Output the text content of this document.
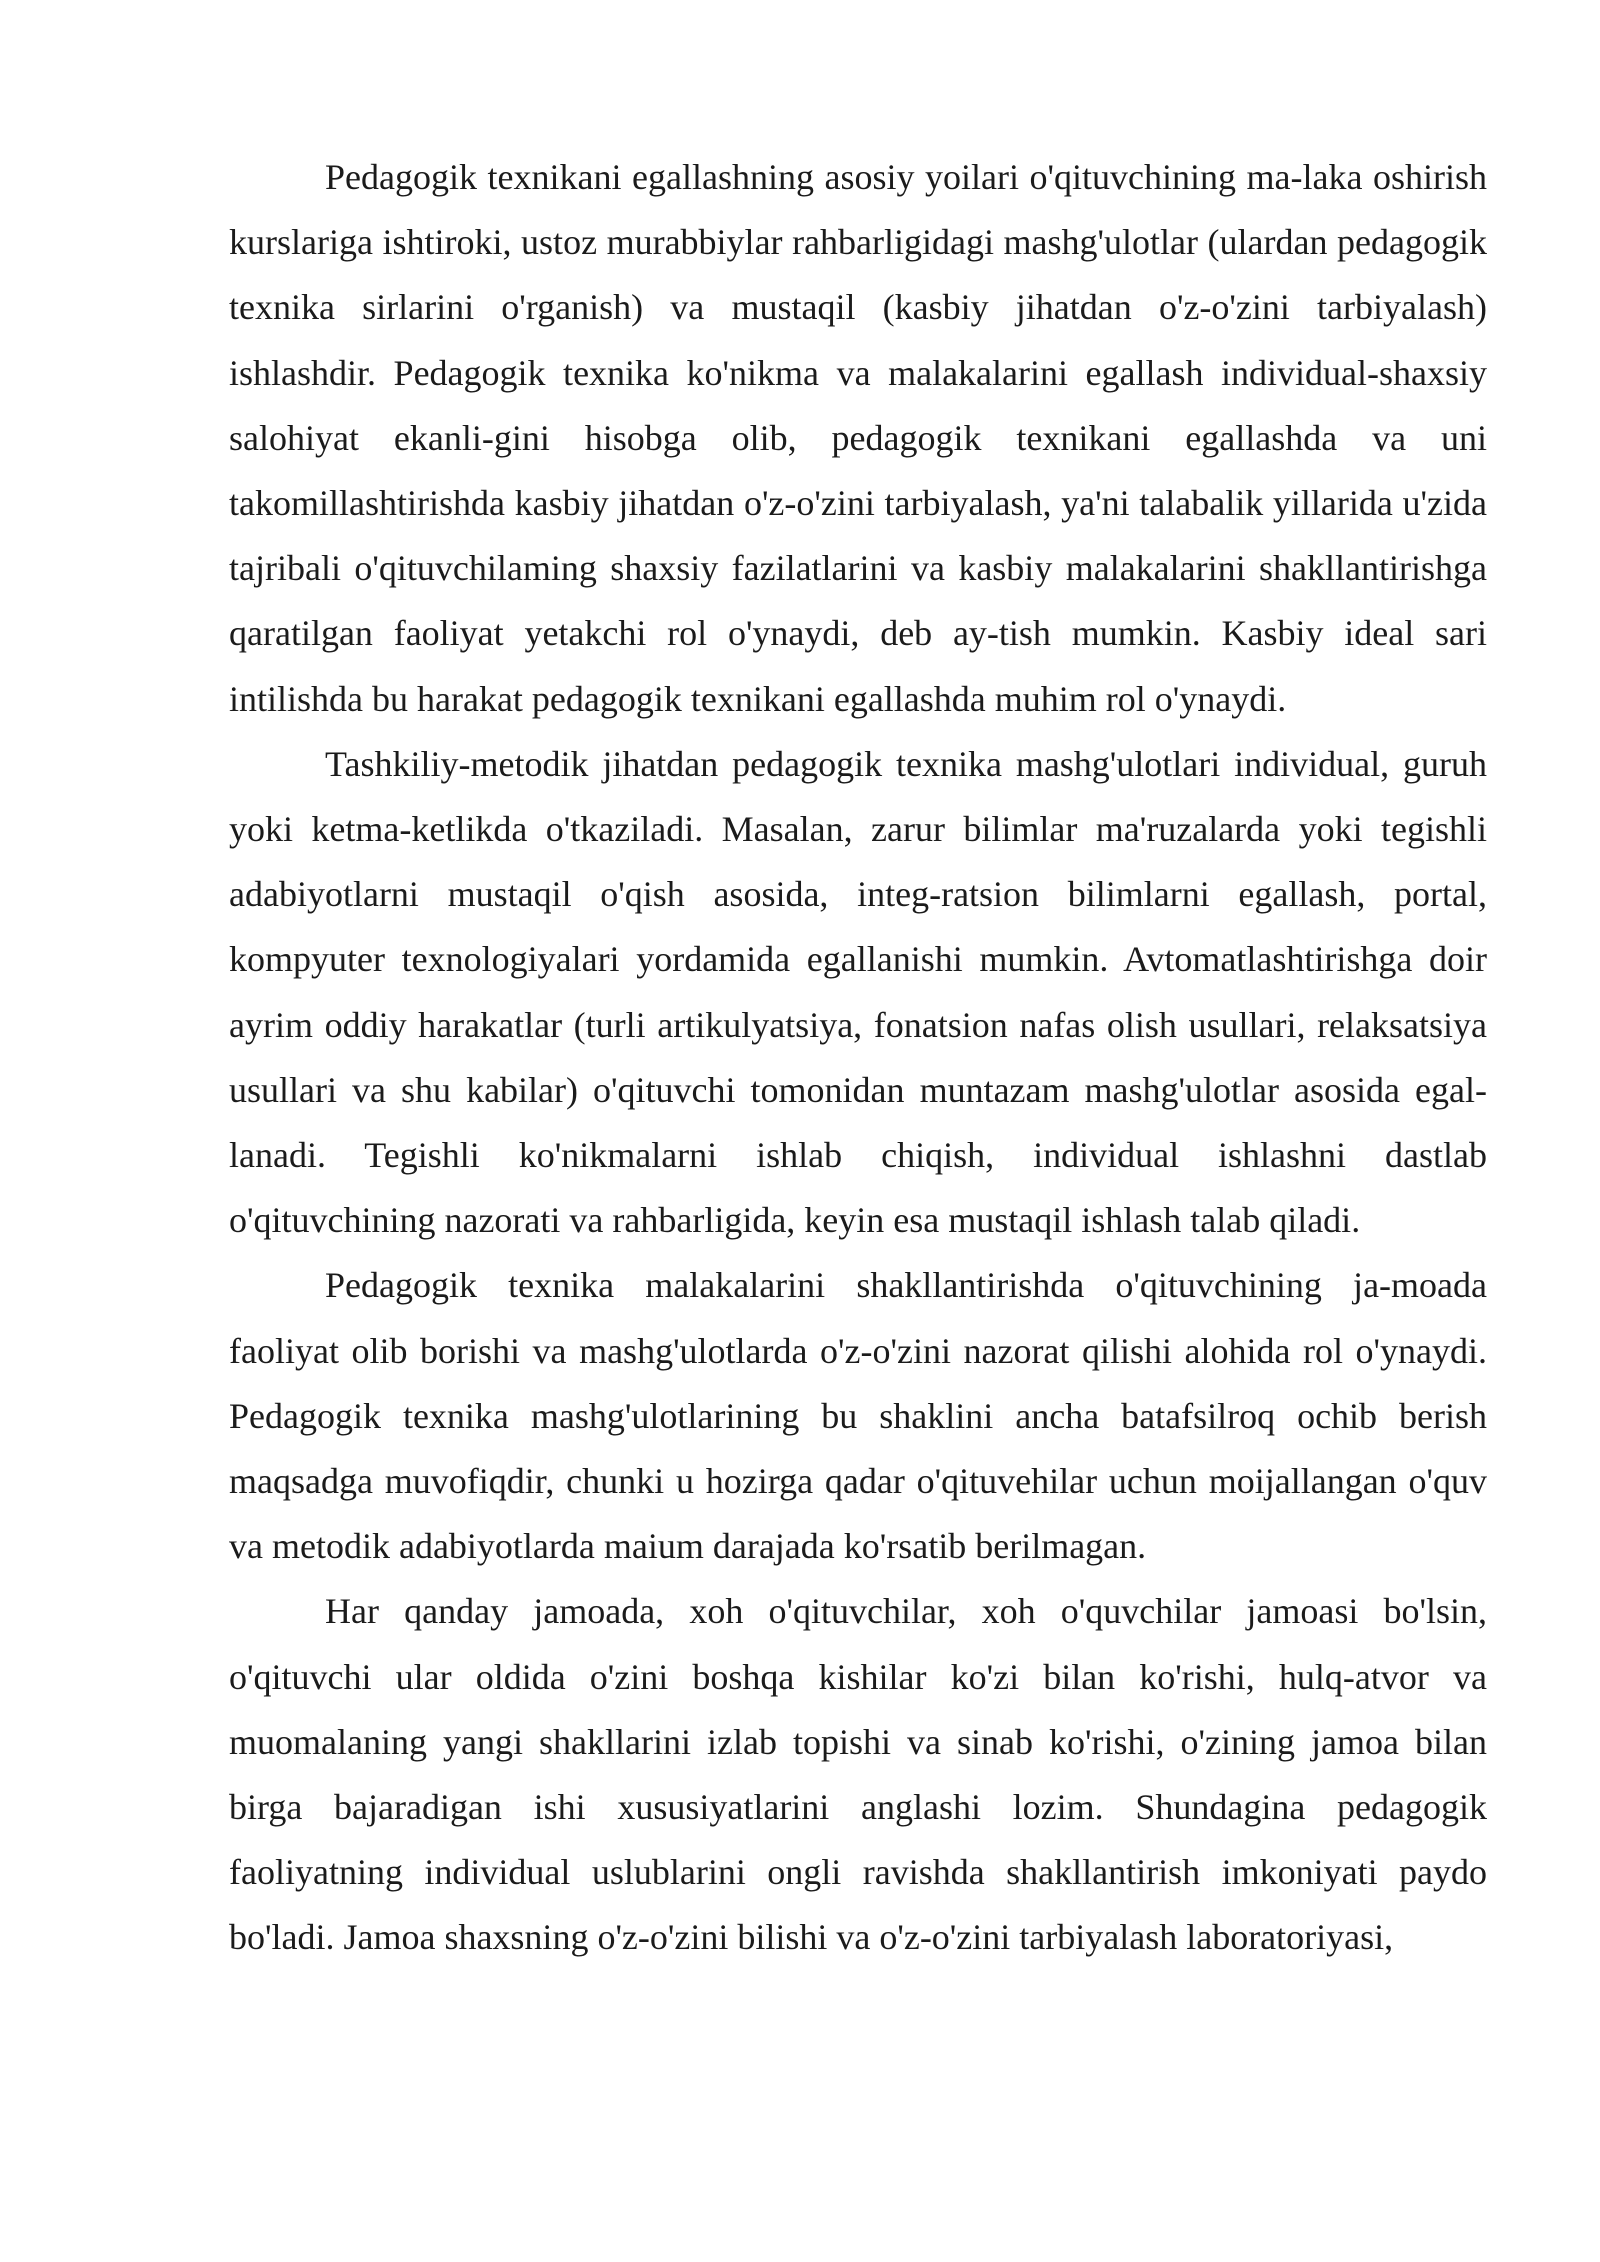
Pedagogik texnikani egallashning asosiy yoilari o'qituvchining ma-laka oshirish kurslariga ishtiroki, ustoz murabbiylar rahbarligidagi mashg'ulotlar (ulardan pedagogik texnika sirlarini o'rganish) va mustaqil (kasbiy jihatdan o'z-o'zini tarbiyalash) ishlashdir. Pedagogik texnika ko'nikma va malakalarini egallash individual-shaxsiy salohiyat ekanli-gini hisobga olib, pedagogik texnikani egallashda va uni takomillashtirishda kasbiy jihatdan o'z-o'zini tarbiyalash, ya'ni talabalik yillarida u'zida tajribali o'qituvchilaming shaxsiy fazilatlarini va kasbiy malakalarini shakllantirishga qaratilgan faoliyat yetakchi rol o'ynaydi, deb ay-tish mumkin. Kasbiy ideal sari intilishda bu harakat pedagogik texnikani egallashda muhim rol o'ynaydi.

Tashkiliy-metodik jihatdan pedagogik texnika mashg'ulotlari individual, guruh yoki ketma-ketlikda o'tkaziladi. Masalan, zarur bilimlar ma'ruzalarda yoki tegishli adabiyotlarni mustaqil o'qish asosida, integ-ratsion bilimlarni egallash, portal, kompyuter texnologiyalari yordamida egallanishi mumkin. Avtomatlashtirishga doir ayrim oddiy harakatlar (turli artikulyatsiya, fonatsion nafas olish usullari, relaksatsiya usullari va shu kabilar) o'qituvchi tomonidan muntazam mashg'ulotlar asosida egal-lanadi. Tegishli ko'nikmalarni ishlab chiqish, individual ishlashni dastlab o'qituvchining nazorati va rahbarligida, keyin esa mustaqil ishlash talab qiladi.

Pedagogik texnika malakalarini shakllantirishda o'qituvchining ja-moada faoliyat olib borishi va mashg'ulotlarda o'z-o'zini nazorat qilishi alohida rol o'ynaydi. Pedagogik texnika mashg'ulotlarining bu shaklini ancha batafsilroq ochib berish maqsadga muvofiqdir, chunki u hozirga qadar o'qituvehilar uchun moijallangan o'quv va metodik adabiyotlarda maium darajada ko'rsatib berilmagan.

Har qanday jamoada, xoh o'qituvchilar, xoh o'quvchilar jamoasi bo'lsin, o'qituvchi ular oldida o'zini boshqa kishilar ko'zi bilan ko'rishi, hulq-atvor va muomalaning yangi shakllarini izlab topishi va sinab ko'rishi, o'zining jamoa bilan birga bajaradigan ishi xususiyatlarini anglashi lozim. Shundagina pedagogik faoliyatning individual uslublarini ongli ravishda shakllantirish imkoniyati paydo bo'ladi. Jamoa shaxsning o'z-o'zini bilishi va o'z-o'zini tarbiyalash laboratoriyasi,
